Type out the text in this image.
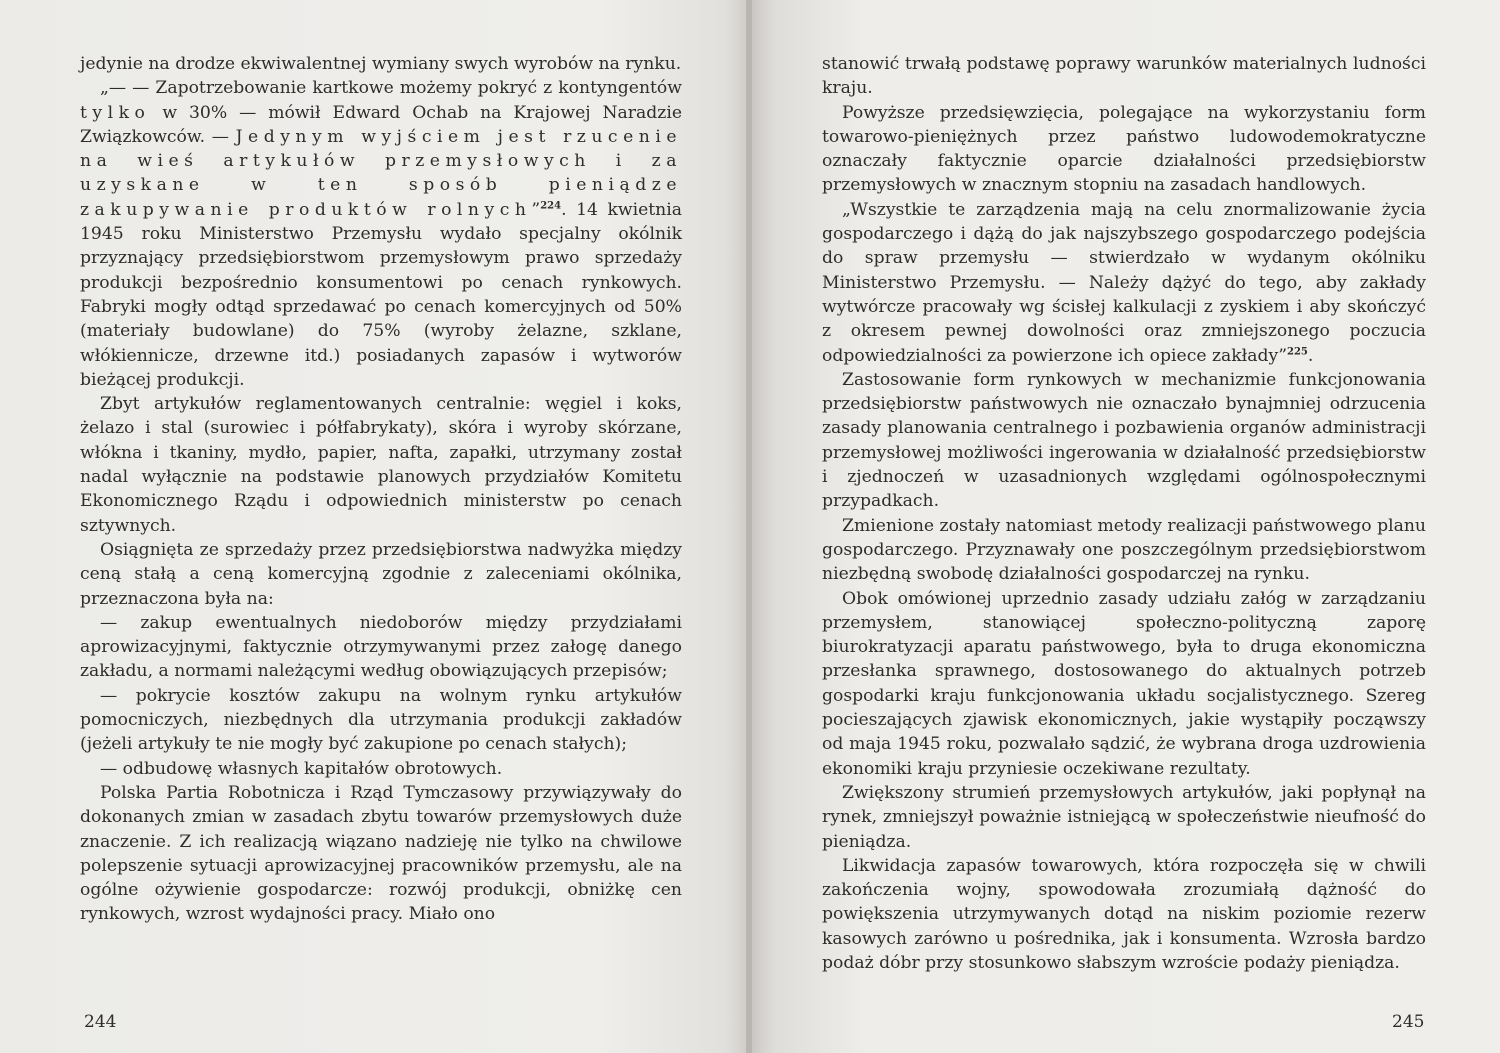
jedynie na drodze ekwiwalentnej wymiany swych wyrobów na rynku.

„— — Zapotrzebowanie kartkowe możemy pokryć z kontyngentów tylko w 30% — mówił Edward Ochab na Krajowej Naradzie Związkowców. — Jedynym wyjściem jest rzucenie na wieś artykułów przemysłowych i za uzyskane w ten sposób pieniądze zakupywanie produktów rolnych”$^{224}$. 14 kwietnia 1945 roku Ministerstwo Przemysłu wydało specjalny okólnik przyznający przedsiębiorstwom przemysłowym prawo sprzedaży produkcji bezpośrednio konsumentowi po cenach rynkowych. Fabryki mogły odtąd sprzedawać po cenach komercyjnych od 50% (materiały budowlane) do 75% (wyroby żelazne, szklane, włókiennicze, drzewne itd.) posiadanych zapasów i wytworów bieżącej produkcji.

Zbyt artykułów reglamentowanych centralnie: węgiel i koks, żelazo i stal (surowiec i półfabrykaty), skóra i wyroby skórzane, włókna i tkaniny, mydło, papier, nafta, zapałki, utrzymany został nadal wyłącznie na podstawie planowych przydziałów Komitetu Ekonomicznego Rządu i odpowiednich ministerstw po cenach sztywnych.

Osiągnięta ze sprzedaży przez przedsiębiorstwa nadwyżka między ceną stałą a ceną komercyjną zgodnie z zaleceniami okólnika, przeznaczona była na:

— zakup ewentualnych niedoborów między przydziałami aprowizacyjnymi, faktycznie otrzymywanymi przez załogę danego zakładu, a normami należącymi według obowiązujących przepisów;

— pokrycie kosztów zakupu na wolnym rynku artykułów pomocniczych, niezbędnych dla utrzymania produkcji zakładów (jeżeli artykuły te nie mogły być zakupione po cenach stałych);

— odbudowę własnych kapitałów obrotowych.

Polska Partia Robotnicza i Rząd Tymczasowy przywiązywały do dokonanych zmian w zasadach zbytu towarów przemysłowych duże znaczenie. Z ich realizacją wiązano nadzieję nie tylko na chwilowe polepszenie sytuacji aprowizacyjnej pracowników przemysłu, ale na ogólne ożywienie gospodarcze: rozwój produkcji, obniżkę cen rynkowych, wzrost wydajności pracy. Miało ono

244

stanowić trwałą podstawę poprawy warunków materialnych ludności kraju.

Powyższe przedsięwzięcia, polegające na wykorzystaniu form towarowo-pieniężnych przez państwo ludowodemokratyczne oznaczały faktycznie oparcie działalności przedsiębiorstw przemysłowych w znacznym stopniu na zasadach handlowych.

„Wszystkie te zarządzenia mają na celu znormalizowanie życia gospodarczego i dążą do jak najszybszego gospodarczego podejścia do spraw przemysłu — stwierdzało w wydanym okólniku Ministerstwo Przemysłu. — Należy dążyć do tego, aby zakłady wytwórcze pracowały wg ścisłej kalkulacji z zyskiem i aby skończyć z okresem pewnej dowolności oraz zmniejszonego poczucia odpowiedzialności za powierzone ich opiece zakłady”$^{225}$.

Zastosowanie form rynkowych w mechanizmie funkcjonowania przedsiębiorstw państwowych nie oznaczało bynajmniej odrzucenia zasady planowania centralnego i pozbawienia organów administracji przemysłowej możliwości ingerowania w działalność przedsiębiorstw i zjednoczeń w uzasadnionych względami ogólnospołecznymi przypadkach.

Zmienione zostały natomiast metody realizacji państwowego planu gospodarczego. Przyznawały one poszczególnym przedsiębiorstwom niezbędną swobodę działalności gospodarczej na rynku.

Obok omówionej uprzednio zasady udziału załóg w zarządzaniu przemysłem, stanowiącej społeczno-polityczną zaporę biurokratyzacji aparatu państwowego, była to druga ekonomiczna przesłanka sprawnego, dostosowanego do aktualnych potrzeb gospodarki kraju funkcjonowania układu socjalistycznego. Szereg pocieszających zjawisk ekonomicznych, jakie wystąpiły począwszy od maja 1945 roku, pozwalało sądzić, że wybrana droga uzdrowienia ekonomiki kraju przyniesie oczekiwane rezultaty.

Zwiększony strumień przemysłowych artykułów, jaki popłynął na rynek, zmniejszył poważnie istniejącą w społeczeństwie nieufność do pieniądza.

Likwidacja zapasów towarowych, która rozpoczęła się w chwili zakończenia wojny, spowodowała zrozumiałą dążność do powiększenia utrzymywanych dotąd na niskim poziomie rezerw kasowych zarówno u pośrednika, jak i konsumenta. Wzrosła bardzo podaż dóbr przy stosunkowo słabszym wzroście podaży pieniądza.

245
